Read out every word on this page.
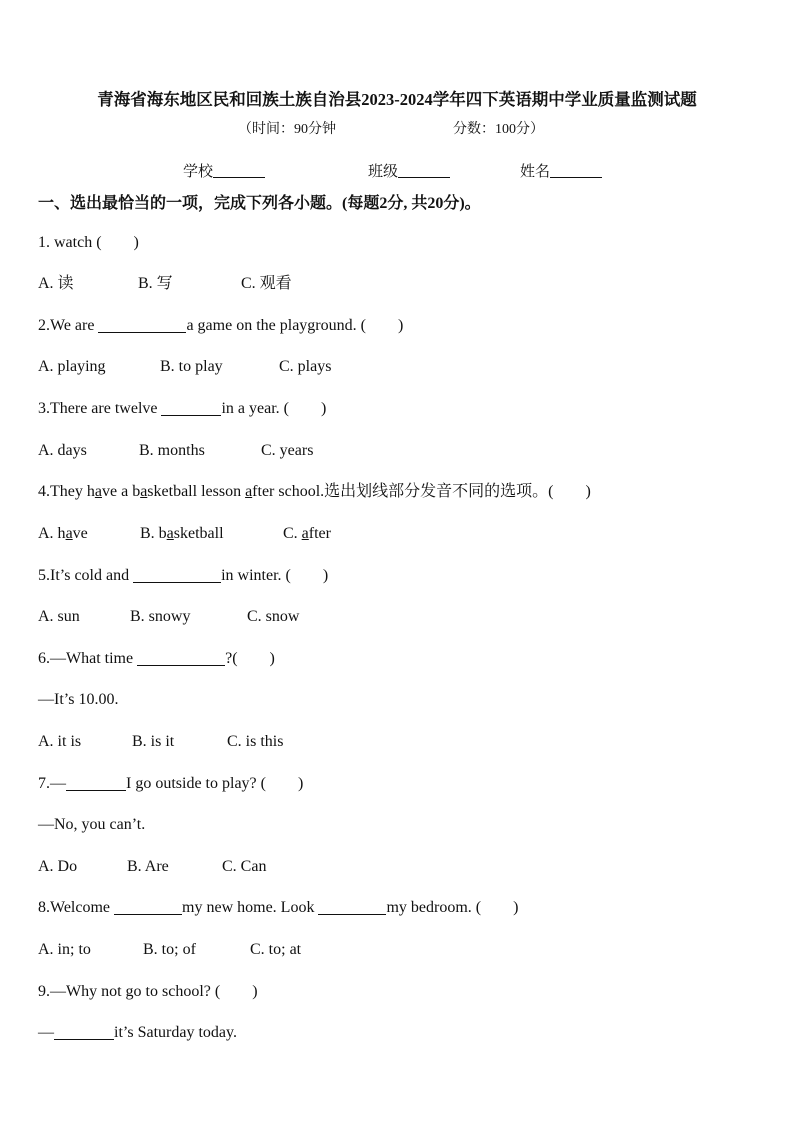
青海省海东地区民和回族土族自治县2023-2024学年四下英语期中学业质量监测试题
（时间：90分钟	分数：100分）
学校	班级	姓名
一、选出最恰当的一项，完成下列各小题。(每题2分, 共20分)。
1. watch (　　)
A. 读	B. 写	C. 观看
2.We are	a game on the playground. (　　)
A. playing	B. to play	C. plays
3.There are twelve	in a year. (　　)
A. days	B. months	C. years
4.They have a basketball lesson after school.选出划线部分发音不同的选项。(　　)
A. have	B. basketball	C. after
5.It’s cold and	in winter. (　　)
A. sun	B. snowy	C. snow
6.—What time	?(　　)
—It’s 10.00.
A. it is	B. is it	C. is this
7.—	I go outside to play? (　　)
—No, you can’t.
A. Do	B. Are	C. Can
8.Welcome	my new home. Look	my bedroom. (　　)
A. in; to	B. to; of	C. to; at
9.—Why not go to school? (　　)
—	it’s Saturday today.
